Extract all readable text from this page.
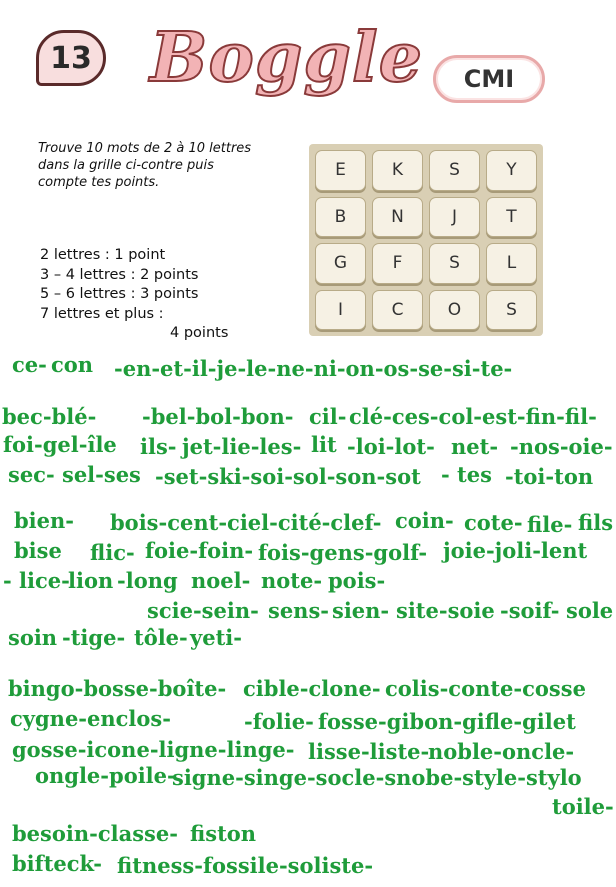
13 Boggle CMI
Trouve 10 mots de 2 à 10 lettres dans la grille ci-contre puis compte tes points.
2 lettres : 1 point
3 – 4 lettres : 2 points
5 – 6 lettres : 3 points
7 lettres et plus :
4 points
E	K	S	Y
B	N	J	T
G	F	S	L
I	C	O	S
ce- con -en-et-il-je-le-ne-ni-on-os-se-si-te-
bec-blé- -bel-bol-bon- cil- clé-ces-col-est-fin-fil-
foi-gel-île ils- jet-lie-les- lit -loi-lot- net- -nos-oie-
sec- sel-ses -set-ski-soi-sol-son-sot - tes -toi-ton
bien- bois-cent-ciel-cité-clef- coin- cote- file- fils
bise flic- foie-foin- fois-gens-golf- joie-joli-lent
- lice-
lion -long noel- note- pois-
scie-sein- sens- sien- site-soie -soif- sole
soin -tige- tôle- yeti-
bingo-bosse-boîte- cible-clone- colis-conte-cosse
cygne-enclos-	-folie- fosse-gibon-gifle-gilet
gosse-icone-ligne-linge- lisse-liste-
noble-oncle-
ongle-poile-
signe-singe-socle-snobe-style-stylo
toile-
besoin-classe- fiston
bifteck- fitness-fossile-soliste-
